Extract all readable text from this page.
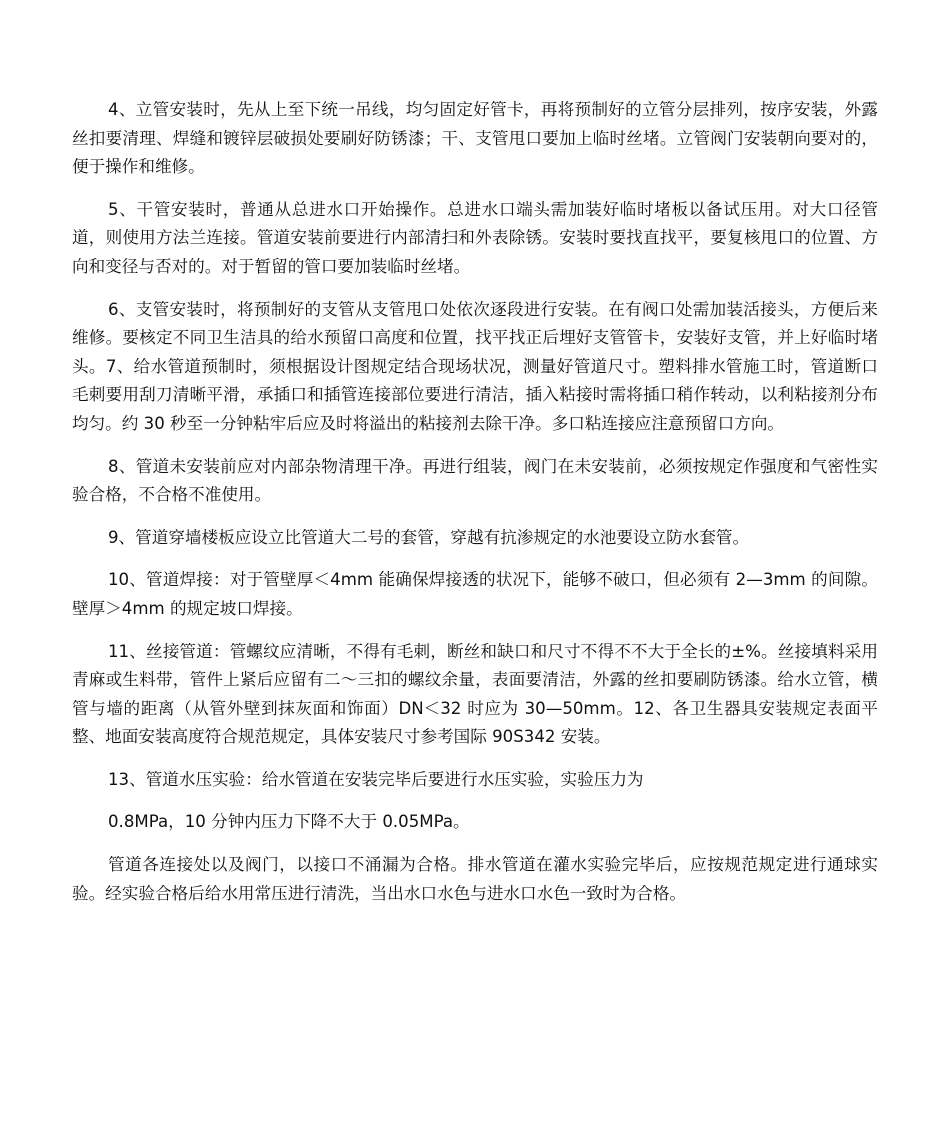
4、立管安装时，先从上至下统一吊线，均匀固定好管卡，再将预制好的立管分层排列，按序安装，外露丝扣要清理、焊缝和镀锌层破损处要刷好防锈漆；干、支管甩口要加上临时丝堵。立管阀门安装朝向要对的，便于操作和维修。

5、干管安装时，普通从总进水口开始操作。总进水口端头需加装好临时堵板以备试压用。对大口径管道，则使用方法兰连接。管道安装前要进行内部清扫和外表除锈。安装时要找直找平，要复核甩口的位置、方向和变径与否对的。对于暂留的管口要加装临时丝堵。

6、支管安装时，将预制好的支管从支管甩口处依次逐段进行安装。在有阀口处需加装活接头，方便后来维修。要核定不同卫生洁具的给水预留口高度和位置，找平找正后埋好支管管卡，安装好支管，并上好临时堵头。7、给水管道预制时，须根据设计图规定结合现场状况，测量好管道尺寸。塑料排水管施工时，管道断口毛刺要用刮刀清晰平滑，承插口和插管连接部位要进行清洁，插入粘接时需将插口稍作转动，以利粘接剂分布均匀。约 30 秒至一分钟粘牢后应及时将溢出的粘接剂去除干净。多口粘连接应注意预留口方向。

8、管道未安装前应对内部杂物清理干净。再进行组装，阀门在未安装前，必须按规定作强度和气密性实验合格，不合格不准使用。

9、管道穿墙楼板应设立比管道大二号的套管，穿越有抗渗规定的水池要设立防水套管。

10、管道焊接：对于管壁厚＜4mm 能确保焊接透的状况下，能够不破口，但必须有 2—3mm 的间隙。壁厚＞4mm 的规定坡口焊接。

11、丝接管道：管螺纹应清晰，不得有毛刺，断丝和缺口和尺寸不得不不大于全长的±%。丝接填料采用青麻或生料带，管件上紧后应留有二～三扣的螺纹余量，表面要清洁，外露的丝扣要刷防锈漆。给水立管，横管与墙的距离（从管外壁到抹灰面和饰面）DN＜32 时应为 30—50mm。12、各卫生器具安装规定表面平整、地面安装高度符合规范规定，具体安装尺寸参考国际 90S342 安装。

13、管道水压实验：给水管道在安装完毕后要进行水压实验，实验压力为

0.8MPa，10 分钟内压力下降不大于 0.05MPa。

管道各连接处以及阀门，以接口不涌漏为合格。排水管道在灌水实验完毕后，应按规范规定进行通球实验。经实验合格后给水用常压进行清洗，当出水口水色与进水口水色一致时为合格。
